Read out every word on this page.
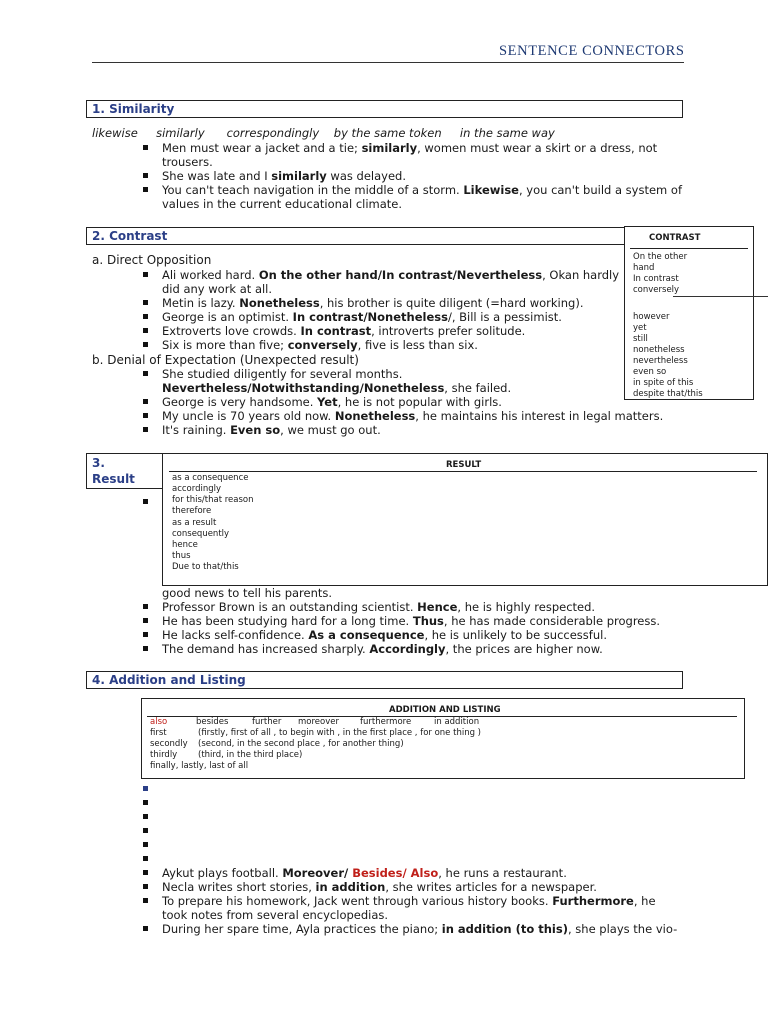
SENTENCE CONNECTORS
1. Similarity
likewise similarly correspondingly by the same token in the same way
Men must wear a jacket and a tie; similarly, women must wear a skirt or a dress, not
trousers.
She was late and I similarly was delayed.
You can't teach navigation in the middle of a storm. Likewise, you can't build a system of
values in the current educational climate.
2. Contrast
a. Direct Opposition
Ali worked hard. On the other hand/In contrast/Nevertheless, Okan hardly
did any work at all.
Metin is lazy. Nonetheless, his brother is quite diligent (=hard working).
George is an optimist. In contrast/Nonetheless/, Bill is a pessimist.
Extroverts love crowds. In contrast, introverts prefer solitude.
Six is more than five; conversely, five is less than six.
b. Denial of Expectation (Unexpected result)
She studied diligently for several months.
Nevertheless/Notwithstanding/Nonetheless, she failed.
George is very handsome. Yet, he is not popular with girls.
My uncle is 70 years old now. Nonetheless, he maintains his interest in legal matters.
It's raining. Even so, we must go out.
CONTRAST
On the other
hand
In contrast
conversely
however
yet
still
nonetheless
nevertheless
even so
in spite of this
despite that/this
3.
Result
RESULT
as a consequence
accordingly
for this/that reason
therefore
as a result
consequently
hence
thus
Due to that/this
good news to tell his parents.
Professor Brown is an outstanding scientist. Hence, he is highly respected.
He has been studying hard for a long time. Thus, he has made considerable progress.
He lacks self-confidence. As a consequence, he is unlikely to be successful.
The demand has increased sharply. Accordingly, the prices are higher now.
4. Addition and Listing
ADDITION AND LISTING
also	besides	further moreover furthermore	in addition
first	(firstly, first of all , to begin with , in the first place , for one thing )
secondly (second, in the second place , for another thing)
thirdly (third, in the third place)
finally, lastly, last of all
Aykut plays football. Moreover/ Besides/ Also, he runs a restaurant.
Necla writes short stories, in addition, she writes articles for a newspaper.
To prepare his homework, Jack went through various history books. Furthermore, he
took notes from several encyclopedias.
During her spare time, Ayla practices the piano; in addition (to this), she plays the vio-
